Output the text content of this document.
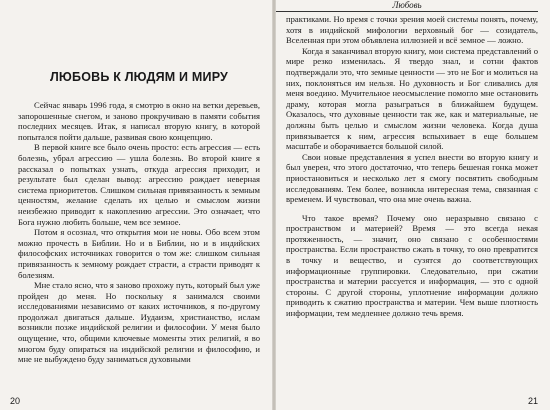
Любовь
ЛЮБОВЬ К ЛЮДЯМ И МИРУ

Сейчас январь 1996 года, я смотрю в окно на ветки деревьев, запорошенные снегом, и заново прокручиваю в памяти события последних месяцев. Итак, я написал вторую книгу, в которой попытался пойти дальше, развивая свою концепцию.

В первой книге все было очень просто: есть агрессия — есть болезнь, убрал агрессию — ушла болезнь. Во второй книге я рассказал о попытках узнать, откуда агрессия приходит, и результате был сделан вывод: агрессию рождает неверная система приоритетов. Слишком сильная привязанность к земным ценностям, желание сделать их целью и смыслом жизни неизбежно приводит к накоплению агрессии. Это означает, что Бога нужно любить больше, чем все земное.

Потом я осознал, что открытия мои не новы. Обо всем этом можно прочесть в Библии. Но и в Библии, но и в индийских философских источниках говорится о том же: слишком сильная привязанность к земному рождает страсти, а страсти приводят к болезням.

Мне стало ясно, что я заново прохожу путь, который был уже пройден до меня. Но поскольку я занимался своими исследованиями независимо от каких источников, я по-другому продолжал двигаться дальше. Иудаизм, христианство, ислам возникли позже индийской религии и философии. У меня было ощущение, что, общими ключевые моменты этих религий, я во многом буду опираться на индийской религии и философию, и мне не выбуждено буду заниматься духовными

20

практиками. Но время с точки зрения моей системы понять, почему, хотя в индийской мифологии верховный бог — созидатель, Вселенная при этом объявлена иллюзией и всё земное — ложно.

Когда я заканчивал вторую книгу, мои система представлений о мире резко изменилась. Я твердо знал, и сотни фактов подтверждали это, что земные ценности — это не Бог и молиться на них, поклоняться им нельзя. Но духовность и Бог сливались для меня воедино. Мучительное неосмысление помогло мне остановить драму, которая могла разыграться в ближайшем будущем. Оказалось, что духовные ценности так же, как и материальные, не должны быть целью и смыслом жизни человека. Когда душа привязывается к ним, агрессия вспыхивает в еще большем масштабе и оборачивается большой силой.

Свои новые представления я успел внести во вторую книгу и был уверен, что этого достаточно, что теперь бешеная гонка может приостановиться и несколько лет я смогу посвятить свободным исследованиям. Тем более, возникла интересная тема, связанная с временем. И чувствовал, что она мне очень важна.

Что такое время? Почему оно неразрывно связано с пространством и материей? Время — это всегда некая протяженность, — значит, оно связано с особенностями пространства. Если пространство сжать в точку, то оно превратится в точку и вещество, и сузятся до соответствующих информационные группировки. Следовательно, при сжатии пространства и материи рассуется и информация, — это с одной стороны. С другой стороны, уплотнение информации должно приводить к сжатию пространства и материи. Чем выше плотность информации, тем медленнее должно течь время.

21
